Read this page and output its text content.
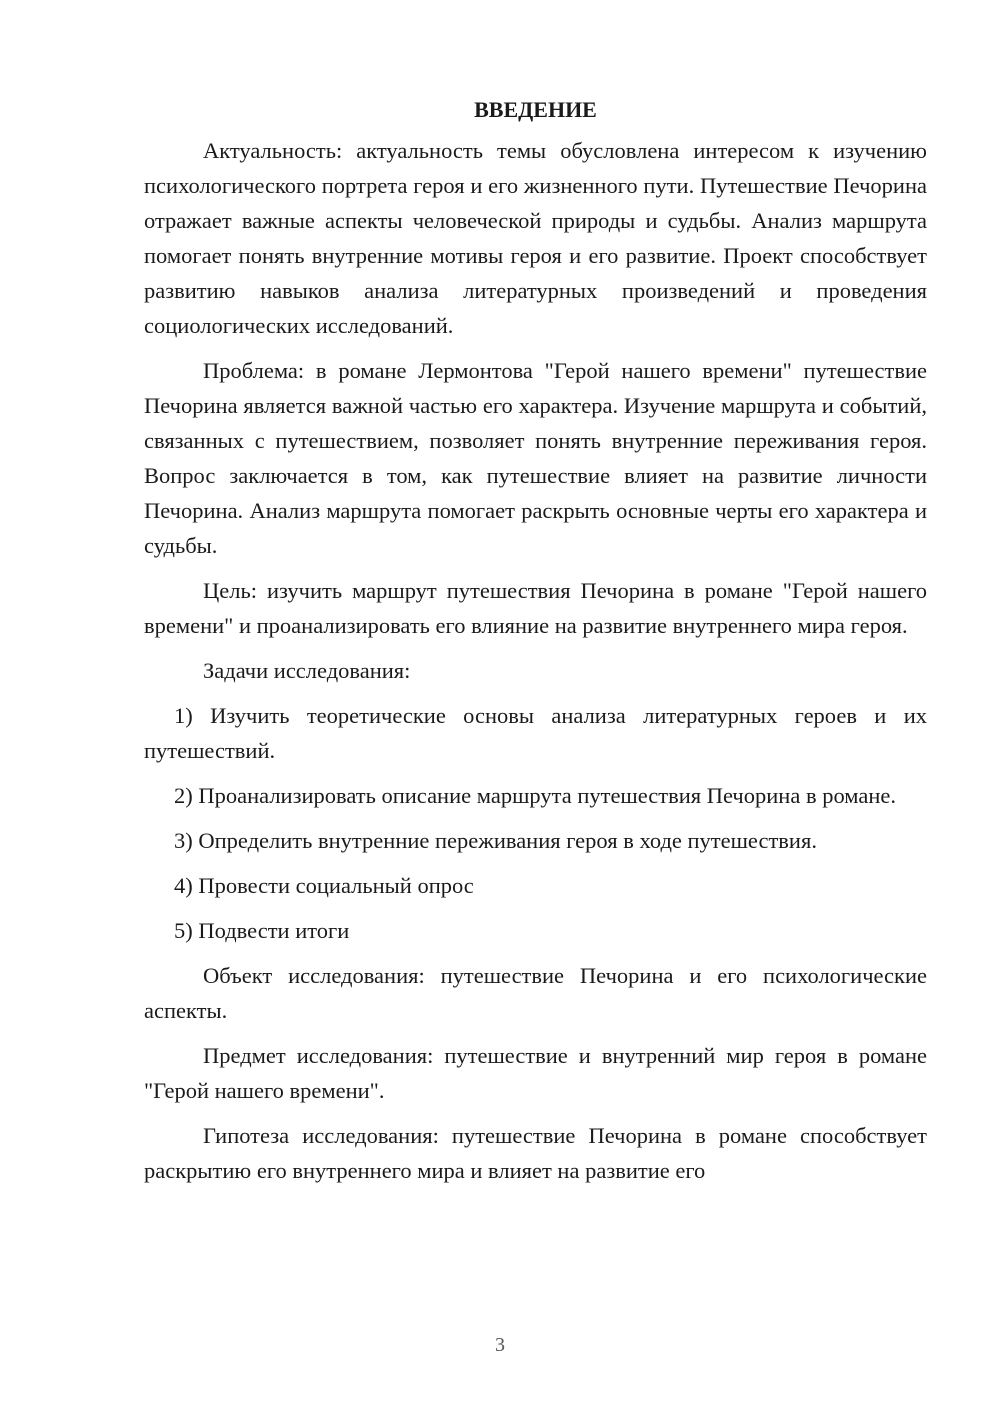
ВВЕДЕНИЕ

Актуальность: актуальность темы обусловлена интересом к изучению психологического портрета героя и его жизненного пути. Путешествие Печорина отражает важные аспекты человеческой природы и судьбы. Анализ маршрута помогает понять внутренние мотивы героя и его развитие. Проект способствует развитию навыков анализа литературных произведений и проведения социологических исследований.

Проблема: в романе Лермонтова "Герой нашего времени" путешествие Печорина является важной частью его характера. Изучение маршрута и событий, связанных с путешествием, позволяет понять внутренние переживания героя. Вопрос заключается в том, как путешествие влияет на развитие личности Печорина. Анализ маршрута помогает раскрыть основные черты его характера и судьбы.

Цель: изучить маршрут путешествия Печорина в романе "Герой нашего времени" и проанализировать его влияние на развитие внутреннего мира героя.

Задачи исследования:

1) Изучить теоретические основы анализа литературных героев и их путешествий.

2) Проанализировать описание маршрута путешествия Печорина в романе.

3) Определить внутренние переживания героя в ходе путешествия.

4) Провести социальный опрос

5) Подвести итоги

Объект исследования: путешествие Печорина и его психологические аспекты.

Предмет исследования: путешествие и внутренний мир героя в романе "Герой нашего времени".

Гипотеза исследования: путешествие Печорина в романе способствует раскрытию его внутреннего мира и влияет на развитие его

3
